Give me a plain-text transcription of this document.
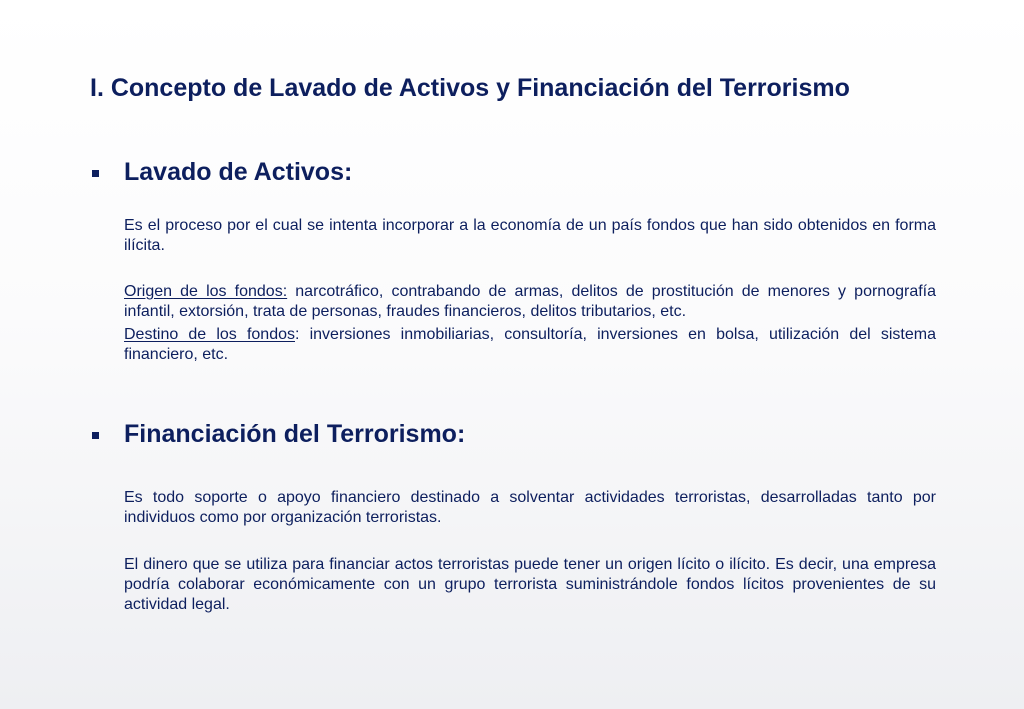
I. Concepto de Lavado de Activos y Financiación del Terrorismo
Lavado de Activos:
Es el proceso por el cual se intenta incorporar a la economía de un país fondos que han sido obtenidos en forma ilícita.
Origen de los fondos: narcotráfico, contrabando de armas, delitos de prostitución de menores y pornografía infantil, extorsión, trata de personas, fraudes financieros, delitos tributarios, etc.
Destino de los fondos: inversiones inmobiliarias, consultoría, inversiones en bolsa, utilización del sistema financiero, etc.
Financiación del Terrorismo:
Es todo soporte o apoyo financiero destinado a solventar actividades terroristas, desarrolladas tanto por individuos como por organización terroristas.
El dinero que se utiliza para financiar actos terroristas puede tener un origen lícito o ilícito. Es decir, una empresa podría colaborar económicamente con un grupo terrorista suministrándole fondos lícitos provenientes de su actividad legal.
